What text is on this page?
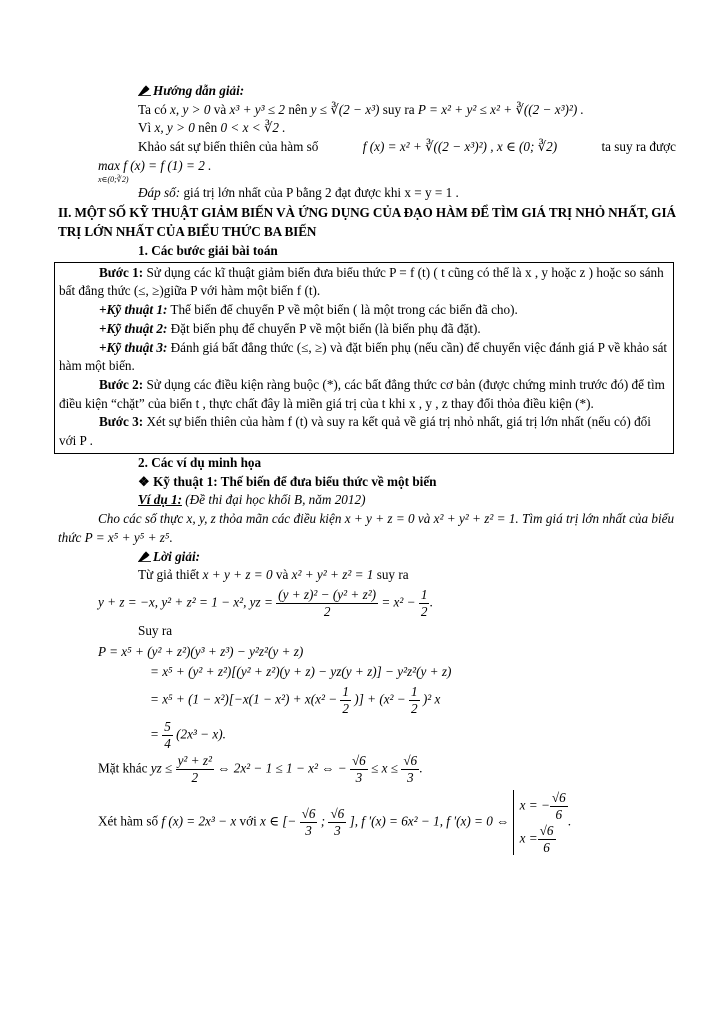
Hướng dẫn giải:
Ta có x, y > 0 và x³ + y³ ≤ 2 nên y ≤ ∛(2 − x³) suy ra P = x² + y² ≤ x² + ∛((2 − x³)²) .
Vì x, y > 0 nên 0 < x < ∛2 .
Khảo sát sự biến thiên của hàm số	f (x) = x² + ∛((2 − x³)²) , x ∈ (0; ∛2)	ta suy ra được
max f (x) = f (1) = 2 .
x∈(0;∛2)
Đáp số: giá trị lớn nhất của P bằng 2 đạt được khi x = y = 1 .
II. MỘT SỐ KỸ THUẬT GIẢM BIẾN VÀ ỨNG DỤNG CỦA ĐẠO HÀM ĐỂ TÌM GIÁ TRỊ NHỎ NHẤT, GIÁ TRỊ LỚN NHẤT CỦA BIỂU THỨC BA BIẾN
1. Các bước giải bài toán

Bước 1: Sử dụng các kĩ thuật giảm biến đưa biểu thức P = f (t) ( t cũng có thể là x , y hoặc z ) hoặc so sánh bất đẳng thức (≤, ≥)giữa P với hàm một biến f (t).

+Kỹ thuật 1: Thế biến để chuyển P về một biến ( là một trong các biến đã cho).

+Kỹ thuật 2: Đặt biến phụ để chuyển P về một biến (là biến phụ đã đặt).

+Kỹ thuật 3: Đánh giá bất đẳng thức (≤, ≥) và đặt biến phụ (nếu cần) để chuyển việc đánh giá P về khảo sát hàm một biến.

Bước 2: Sử dụng các điều kiện ràng buộc (*), các bất đẳng thức cơ bản (được chứng minh trước đó) để tìm điều kiện “chặt” của biến t , thực chất đây là miền giá trị của t khi x , y , z thay đổi thỏa điều kiện (*).

Bước 3: Xét sự biến thiên của hàm f (t) và suy ra kết quả về giá trị nhỏ nhất, giá trị lớn nhất (nếu có) đối với P .

2. Các ví dụ minh họa
❖ Kỹ thuật 1: Thế biến để đưa biểu thức về một biến
Ví dụ 1: (Đề thi đại học khối B, năm 2012)

Cho các số thực x, y, z thỏa mãn các điều kiện x + y + z = 0 và x² + y² + z² = 1. Tìm giá trị lớn nhất của biểu thức P = x⁵ + y⁵ + z⁵.

Lời giải:
Từ giả thiết x + y + z = 0 và x² + y² + z² = 1 suy ra
y + z = −x, y² + z² = 1 − x², yz = $\frac{\text{(y + z)² − (y² + z²)}}{2} = x^2 - \frac{1}{2}$ .
Suy ra
P = x⁵ + (y² + z²)(y³ + z³) − y²z²(y + z)
= x⁵ + (y² + z²)[(y² + z²)(y + z) − yz(y + z)] − y²z²(y + z)
= $x^5 + (1 - x^2)[-x(1 - x^2) + x(x^2 - \frac{1}{2}$ )] + $(x^2 - \frac{1}{2} )^2$ x
= $\frac{5}{4} (2x^3 - x)$.
Mặt khác yz ≤ $\frac{\text{y² + z²}}{2}$ ⇔ 2x² − 1 ≤ 1 − x² ⇔ − $\frac{√6}{3} \le x \le \frac{√6}{3}$ .
Xét hàm số f (x) = 2x³ − x với x ∈ [− $\frac{√6}{3}$ ; $\frac{√6}{3}$ ], f '(x) = 6x² − 1, f '(x) = 0 ⇔
x = − $\frac{√6}{6}$
$x = \frac{√6}{6}$
.
